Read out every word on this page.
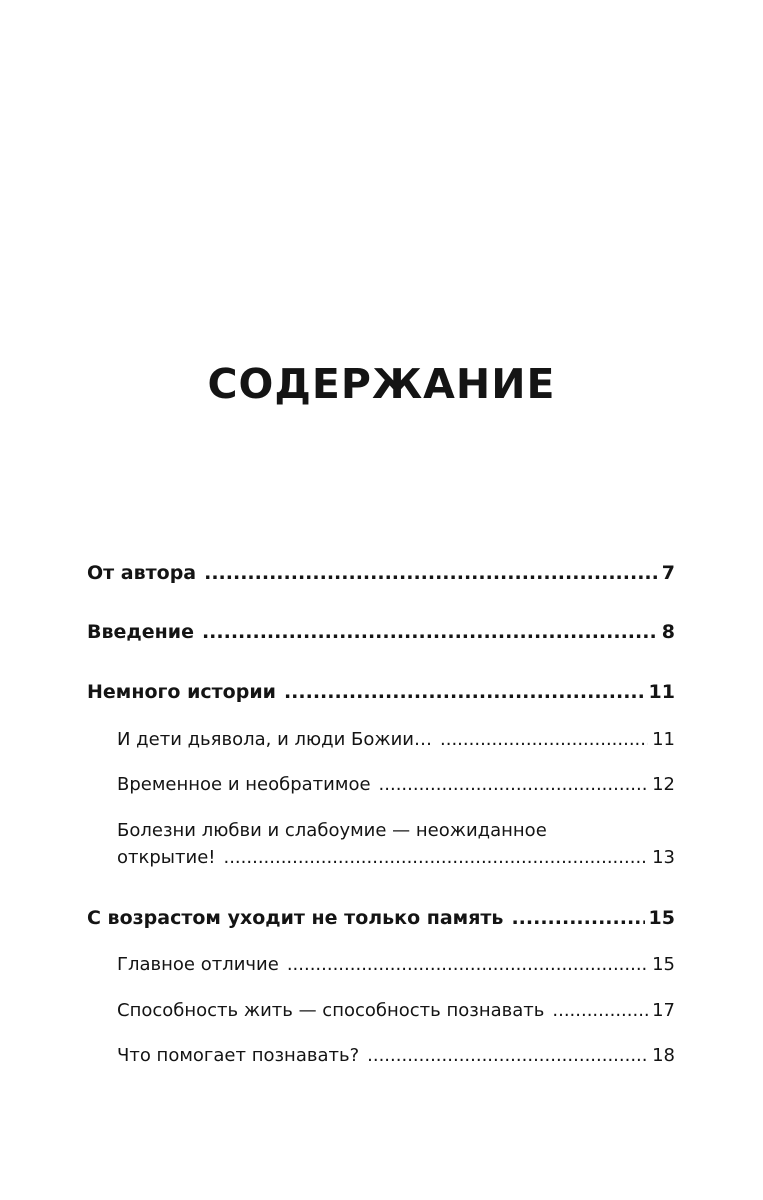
СОДЕРЖАНИЕ
От автора .....	7
Введение .....	8
Немного истории .....	11
И дети дьявола, и люди Божии… .....	11
Временное и необратимое .....	12
Болезни любви и слабоумие — неожиданное
открытие! .....	13
С возрастом уходит не только память .....	15
Главное отличие .....	15
Способность жить — способность познавать .....	17
Что помогает познавать? .....	18
